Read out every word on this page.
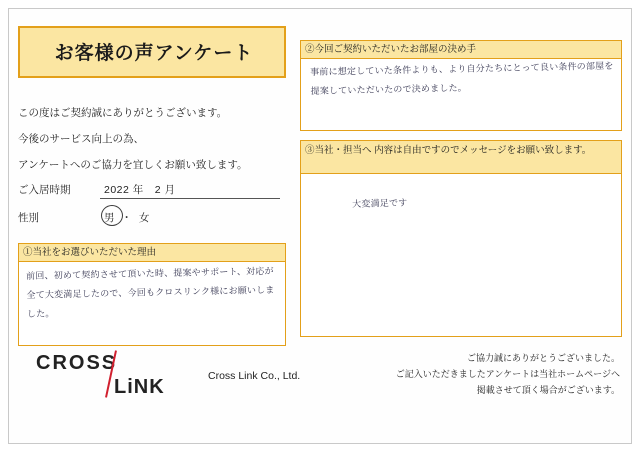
お客様の声アンケート
この度はご契約誠にありがとうございます。
今後のサービス向上の為、
アンケートへのご協力を宜しくお願い致します。
ご入居時期	2022 年　2 月
性別	男 ・ 女
①当社をお選びいただいた理由
前回、初めて契約させて頂いた時、提案やサポート、対応が全て大変満足したので、今回もクロスリンク様にお願いしました。
②今回ご契約いただいたお部屋の決め手
事前に想定していた条件よりも、より自分たちにとって良い条件の部屋を提案していただいたので決めました。
③当社・担当へ 内容は自由ですのでメッセージをお願い致します。
大変満足です
CROSS
LiNK	Cross Link Co., Ltd.
ご協力誠にありがとうございました。
ご記入いただきましたアンケートは当社ホームページへ
掲載させて頂く場合がございます。
